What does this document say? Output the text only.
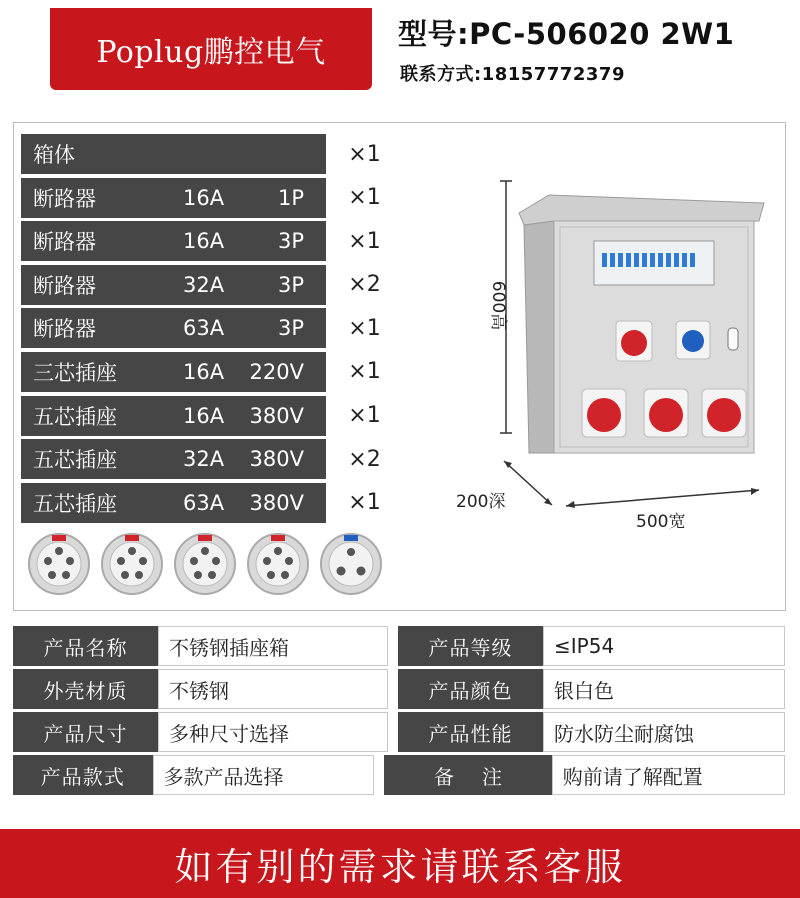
Poplug鹏控电气
型号:PC-506020 2W1
联系方式:18157772379
箱体	×1
断路器	16A	1P	×1
断路器	16A	3P	×1
断路器	32A	3P	×2
断路器	63A	3P	×1
三芯插座	16A 220V	×1
五芯插座	16A 380V	×1
五芯插座	32A 380V	×2
五芯插座	63A 380V	×1
600高
200深
500宽
产品名称	不锈钢插座箱	产品等级	≤IP54
外壳材质	不锈钢	产品颜色	银白色
产品尺寸	多种尺寸选择	产品性能	防水防尘耐腐蚀
产品款式	多款产品选择	备注	购前请了解配置
如有别的需求请联系客服
